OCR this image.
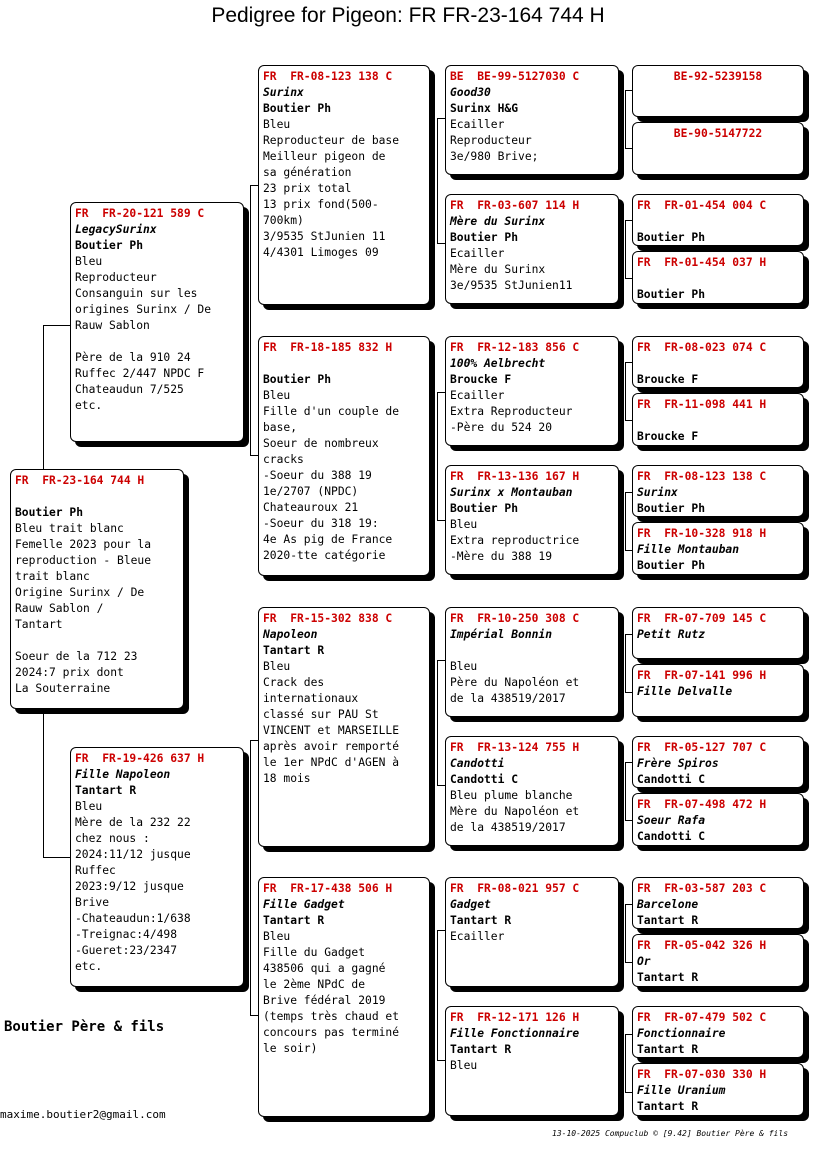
Pedigree for Pigeon: FR FR-23-164 744 H
FR  FR-23-164 744 H
Boutier Ph
Bleu trait blanc
Femelle 2023 pour la
reproduction - Bleue
trait blanc
Origine Surinx / De
Rauw Sablon /
Tantart

Soeur de la 712 23
2024:7 prix dont
La Souterraine
FR  FR-20-121 589 C
LegacySurinx
Boutier Ph
Bleu
Reproducteur
Consanguin sur les
origines Surinx / De
Rauw Sablon

Père de la 910 24
Ruffec 2/447 NPDC F
Chateaudun 7/525
etc.
FR  FR-19-426 637 H
Fille Napoleon
Tantart R
Bleu
Mère de la 232 22
chez nous :
2024:11/12 jusque
Ruffec
2023:9/12 jusque
Brive
-Chateaudun:1/638
-Treignac:4/498
-Gueret:23/2347
etc.
FR  FR-08-123 138 C
Surinx
Boutier Ph
Bleu
Reproducteur de base
Meilleur pigeon de
sa génération
23 prix total
13 prix fond(500-
700km)
3/9535 StJunien 11
4/4301 Limoges 09
FR  FR-18-185 832 H
Boutier Ph
Bleu
Fille d'un couple de
base,
Soeur de nombreux
cracks
-Soeur du 388 19
1e/2707 (NPDC)
Chateauroux 21
-Soeur du 318 19:
4e As pig de France
2020-tte catégorie
FR  FR-15-302 838 C
Napoleon
Tantart R
Bleu
Crack des
internationaux
classé sur PAU St
VINCENT et MARSEILLE
après avoir remporté
le 1er NPdC d'AGEN à
18 mois
FR  FR-17-438 506 H
Fille Gadget
Tantart R
Bleu
Fille du Gadget
438506 qui a gagné
le 2ème NPdC de
Brive fédéral 2019
(temps très chaud et
concours pas terminé
le soir)
BE  BE-99-5127030 C
Good30
Surinx H&G
Ecailler
Reproducteur
3e/980 Brive;
FR  FR-03-607 114 H
Mère du Surinx
Boutier Ph
Ecailler
Mère du Surinx
3e/9535 StJunien11
FR  FR-12-183 856 C
100% Aelbrecht
Broucke F
Ecailler
Extra Reproducteur
-Père du 524 20
FR  FR-13-136 167 H
Surinx x Montauban
Boutier Ph
Bleu
Extra reproductrice
-Mère du 388 19
FR  FR-10-250 308 C
Impérial Bonnin
Bleu
Père du Napoléon et
de la 438519/2017
FR  FR-13-124 755 H
Candotti
Candotti C
Bleu plume blanche
Mère du Napoléon et
de la 438519/2017
FR  FR-08-021 957 C
Gadget
Tantart R
Ecailler
FR  FR-12-171 126 H
Fille Fonctionnaire
Tantart R
Bleu
BE-92-5239158
BE-90-5147722
FR  FR-01-454 004 C
Boutier Ph
FR  FR-01-454 037 H
Boutier Ph
FR  FR-08-023 074 C
Broucke F
FR  FR-11-098 441 H
Broucke F
FR  FR-08-123 138 C
Surinx
Boutier Ph
FR  FR-10-328 918 H
Fille Montauban
Boutier Ph
FR  FR-07-709 145 C
Petit Rutz
FR  FR-07-141 996 H
Fille Delvalle
FR  FR-05-127 707 C
Frère Spiros
Candotti C
FR  FR-07-498 472 H
Soeur Rafa
Candotti C
FR  FR-03-587 203 C
Barcelone
Tantart R
FR  FR-05-042 326 H
Or
Tantart R
FR  FR-07-479 502 C
Fonctionnaire
Tantart R
FR  FR-07-030 330 H
Fille Uranium
Tantart R
Boutier Père & fils
maxime.boutier2@gmail.com
13-10-2025 Compuclub © [9.42] Boutier Père & fils
